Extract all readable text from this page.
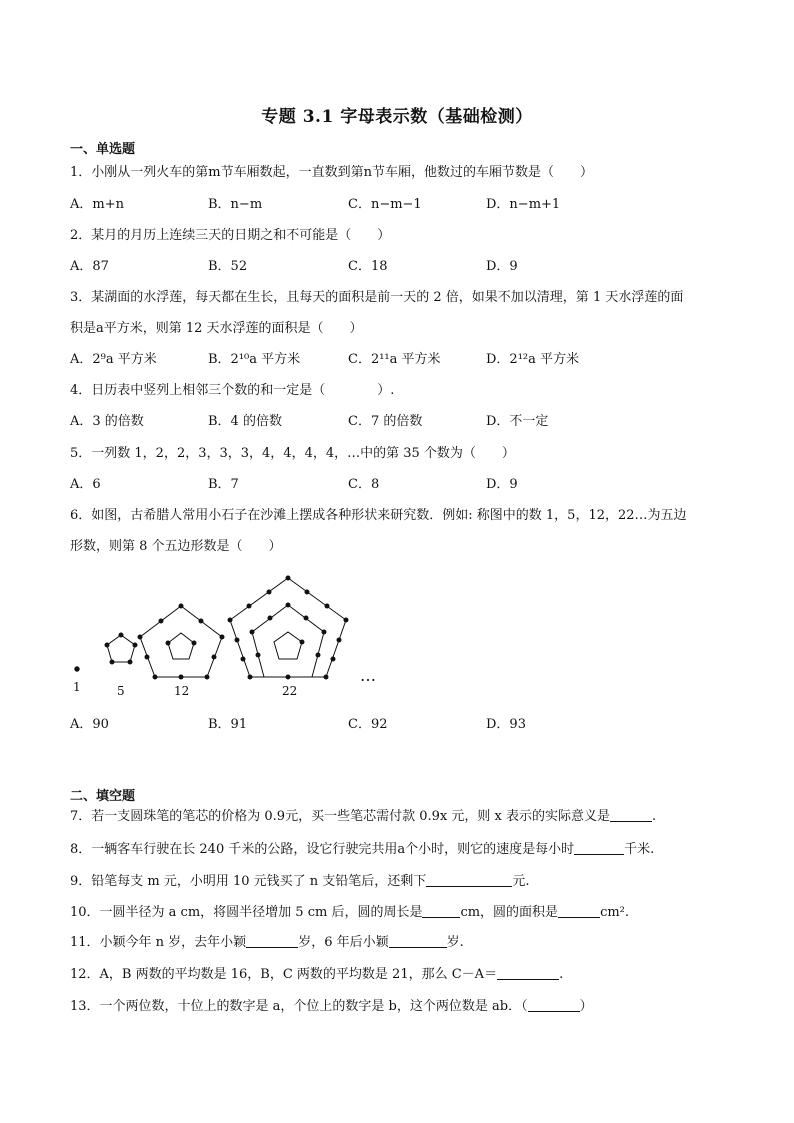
专题 3.1 字母表示数（基础检测）
一、单选题
1．小刚从一列火车的第m节车厢数起，一直数到第n节车厢，他数过的车厢节数是（　　）
A．m+n	B．n−m	C．n−m−1	D．n−m+1
2．某月的月历上连续三天的日期之和不可能是（　　）
A．87	B．52	C．18	D．9
3．某湖面的水浮莲，每天都在生长，且每天的面积是前一天的 2 倍，如果不加以清理，第 1 天水浮莲的面
积是a平方米，则第 12 天水浮莲的面积是（　　）
A．2⁹a 平方米	B．2¹⁰a 平方米	C．2¹¹a 平方米	D．2¹²a 平方米
4．日历表中竖列上相邻三个数的和一定是（　　　　）.
A．3 的倍数	B．4 的倍数	C．7 的倍数	D．不一定
5．一列数 1，2，2，3，3，3，4，4，4，4，…中的第 35 个数为（　　）
A．6	B．7	C．8	D．9
6．如图，古希腊人常用小石子在沙滩上摆成各种形状来研究数．例如: 称图中的数 1，5，12，22…为五边
形数，则第 8 个五边形数是（　　）
1	5	12	22
…
A．90	B．91	C．92	D．93
二、填空题
7．若一支圆珠笔的笔芯的价格为 0.9元，买一些笔芯需付款 0.9x 元，则 x 表示的实际意义是	.
8．一辆客车行驶在长 240 千米的公路，设它行驶完共用a个小时，则它的速度是每小时	千米.
9．铅笔每支 m 元，小明用 10 元钱买了 n 支铅笔后，还剩下	元.
10．一圆半径为 a cm，将圆半径增加 5 cm 后，圆的周长是	cm，圆的面积是	cm².
11．小颖今年 n 岁，去年小颖	岁，6 年后小颖	岁.
12．A，B 两数的平均数是 16，B，C 两数的平均数是 21，那么 C－A＝	.
13．一个两位数，十位上的数字是 a，个位上的数字是 b，这个两位数是 ab．（	）
